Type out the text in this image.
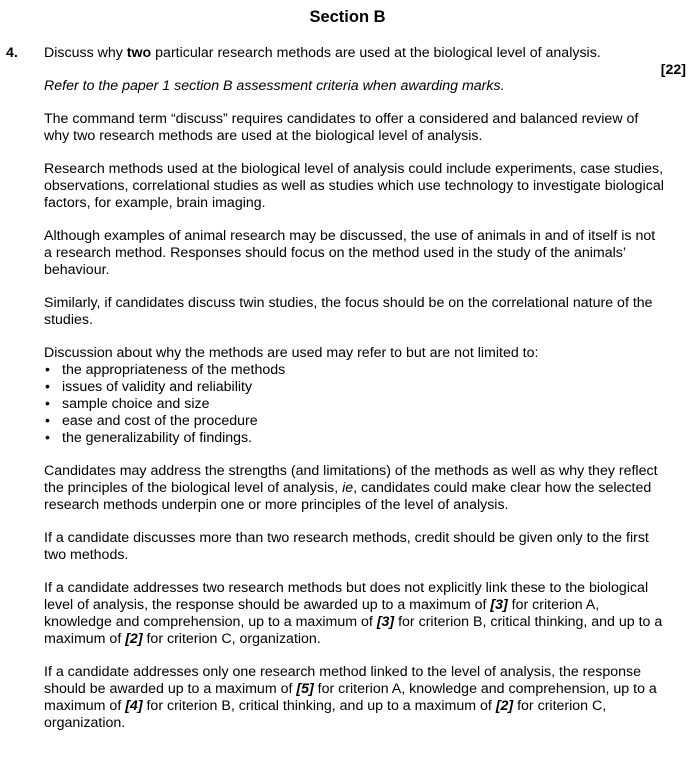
Section B
4.
[22]

Discuss why two particular research methods are used at the biological level of analysis.

Refer to the paper 1 section B assessment criteria when awarding marks.

The command term “discuss” requires candidates to offer a considered and balanced review of why two research methods are used at the biological level of analysis.

Research methods used at the biological level of analysis could include experiments, case studies, observations, correlational studies as well as studies which use technology to investigate biological factors, for example, brain imaging.

Although examples of animal research may be discussed, the use of animals in and of itself is not a research method. Responses should focus on the method used in the study of the animals’ behaviour.

Similarly, if candidates discuss twin studies, the focus should be on the correlational nature of the studies.

Discussion about why the methods are used may refer to but are not limited to:

• the appropriateness of the methods
• issues of validity and reliability
• sample choice and size
• ease and cost of the procedure
• the generalizability of findings.

Candidates may address the strengths (and limitations) of the methods as well as why they reflect the principles of the biological level of analysis, ie, candidates could make clear how the selected research methods underpin one or more principles of the level of analysis.

If a candidate discusses more than two research methods, credit should be given only to the first two methods.

If a candidate addresses two research methods but does not explicitly link these to the biological level of analysis, the response should be awarded up to a maximum of [3] for criterion A, knowledge and comprehension, up to a maximum of [3] for criterion B, critical thinking, and up to a maximum of [2] for criterion C, organization.

If a candidate addresses only one research method linked to the level of analysis, the response should be awarded up to a maximum of [5] for criterion A, knowledge and comprehension, up to a maximum of [4] for criterion B, critical thinking, and up to a maximum of [2] for criterion C, organization.
